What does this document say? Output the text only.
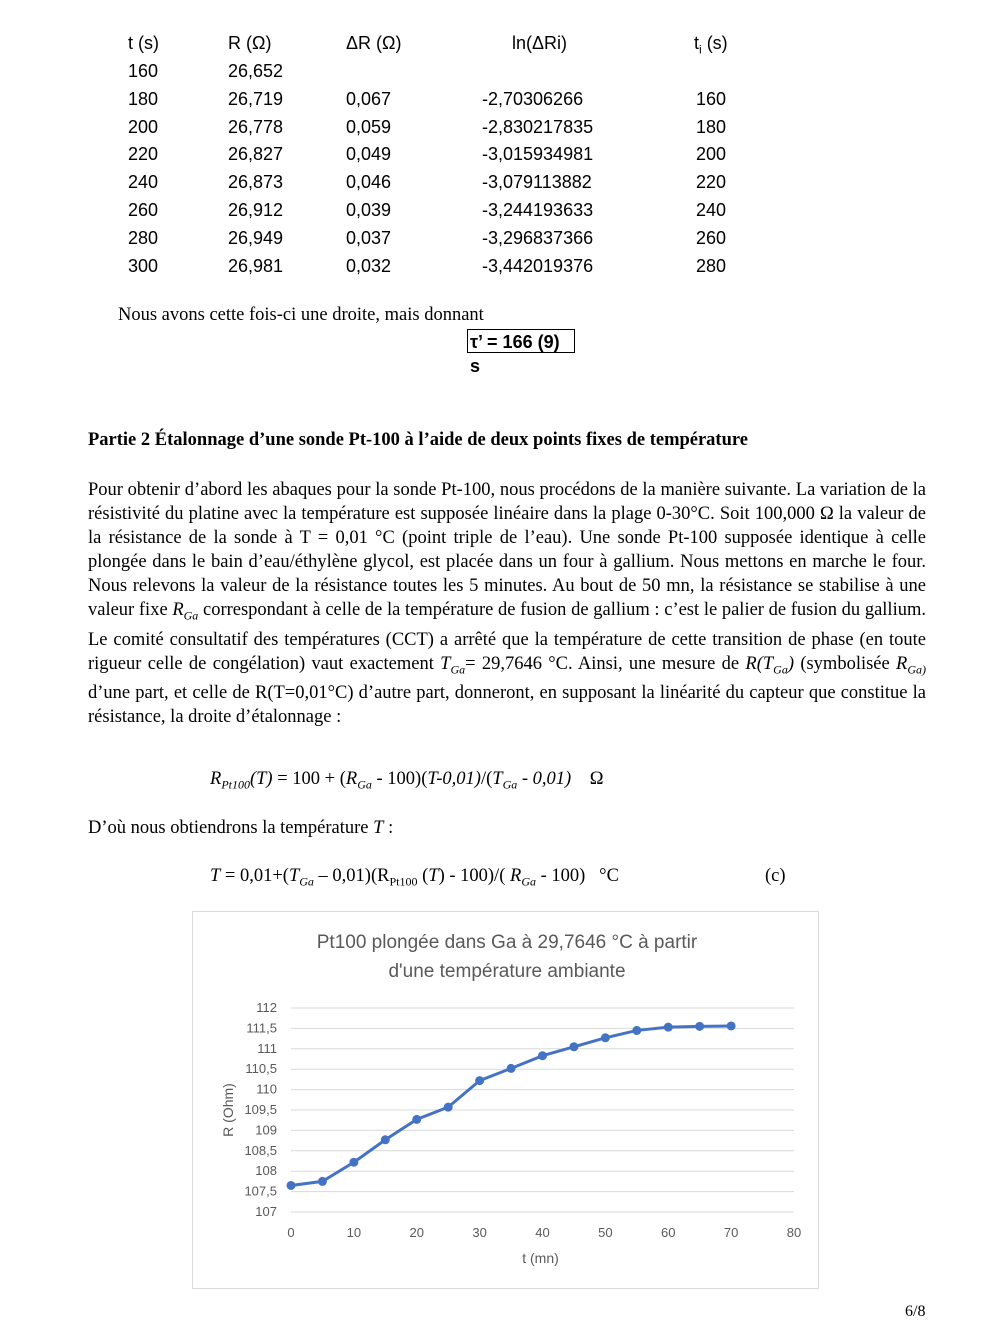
t (s)	R (Ω)	ΔR (Ω)	ln(ΔRi)	$t_i$ (s)
160	26,652
180	26,719	0,067	-2,70306266	160
200	26,778	0,059	-2,830217835	180
220	26,827	0,049	-3,015934981	200
240	26,873	0,046	-3,079113882	220
260	26,912	0,039	-3,244193633	240
280	26,949	0,037	-3,296837366	260
300	26,981	0,032	-3,442019376	280
Nous avons cette fois-ci une droite, mais donnant
τ’ = 166 (9) s
Partie 2 Étalonnage d’une sonde Pt-100 à l’aide de deux points fixes de température

Pour obtenir d’abord les abaques pour la sonde Pt-100, nous procédons de la manière suivante. La variation de la résistivité du platine avec la température est supposée linéaire dans la plage 0-30°C. Soit 100,000 Ω la valeur de la résistance de la sonde à T = 0,01 °C (point triple de l’eau). Une sonde Pt-100 supposée identique à celle plongée dans le bain d’eau/éthylène glycol, est placée dans un four à gallium. Nous mettons en marche le four. Nous relevons la valeur de la résistance toutes les 5 minutes. Au bout de 50 mn, la résistance se stabilise à une valeur fixe $R_{Ga}$ correspondant à celle de la température de fusion de gallium : c’est le palier de fusion du gallium. Le comité consultatif des températures (CCT) a arrêté que la température de cette transition de phase (en toute rigueur celle de congélation) vaut exactement $T_{Ga}= 29,7646$ °C. Ainsi, une mesure de $R(T_{Ga})$ (symbolisée $R_{Ga)}$ d’une part, et celle de R(T=0,01°C) d’autre part, donneront, en supposant la linéarité du capteur que constitue la résistance, la droite d’étalonnage :

$R_{Pt100}(T) = 100 + (R_{Ga} - 100)(T-0,01)/(T_{Ga} - 0,01)$    Ω
D’où nous obtiendrons la température T :
$T = 0,01+(T_{Ga} - 0,01)(R_{Pt100}$ (T) - 100)/( $R_{Ga} - 100$)   °C	(c)
Pt100 plongée dans Ga à 29,7646 °C à partir
d'une température ambiante
107
107,5
108
108,5
109
109,5
110
110,5
111
111,5
112
0	10	20	30	40	50	60	70	80
t (mn)
R (Ohm)
6/8
